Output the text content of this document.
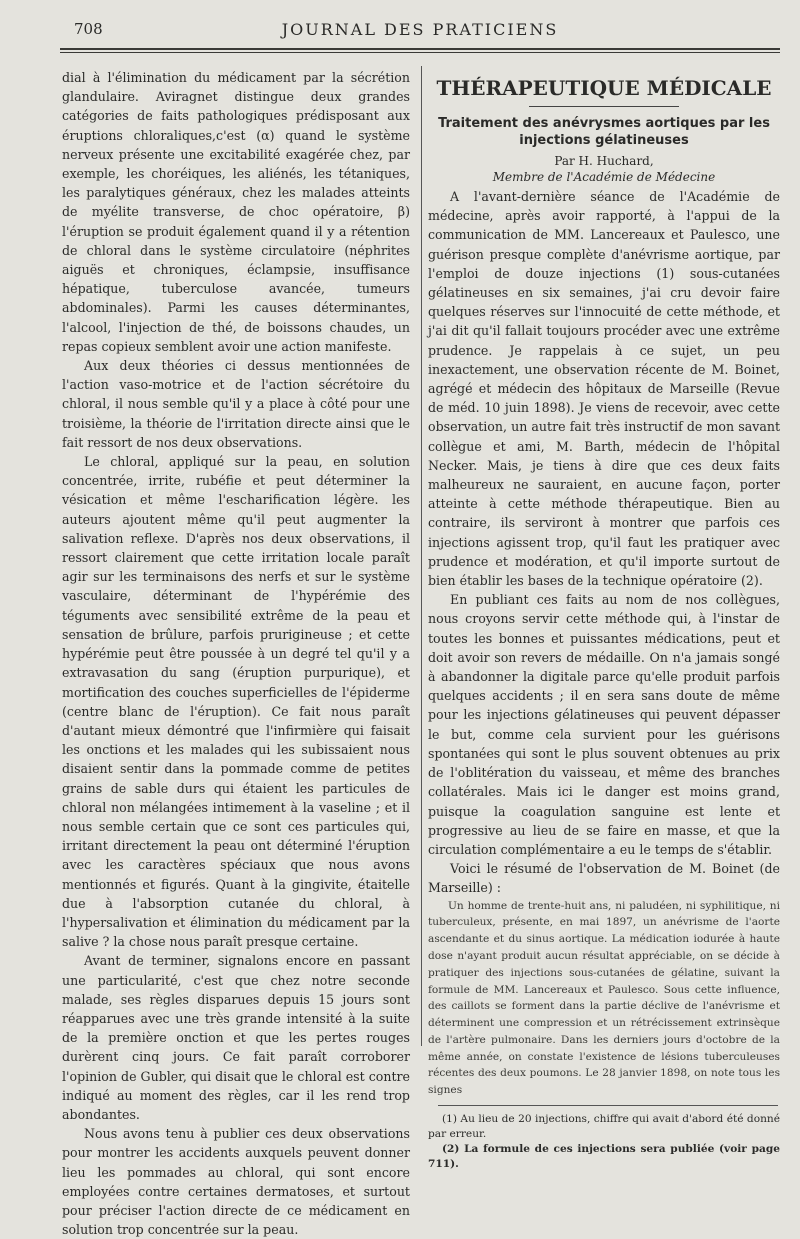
708	JOURNAL DES PRATICIENS

dial à l'élimination du médicament par la sécrétion glandulaire. Aviragnet distingue deux grandes catégories de faits pathologiques prédisposant aux éruptions chloraliques,c'est (α) quand le système nerveux présente une excitabilité exagérée chez, par exemple, les choréiques, les aliénés, les tétaniques, les paralytiques généraux, chez les malades atteints de myélite transverse, de choc opératoire, β) l'éruption se produit également quand il y a rétention de chloral dans le système circulatoire (néphrites aiguës et chroniques, éclampsie, insuffisance hépatique, tuberculose avancée, tumeurs abdominales). Parmi les causes déterminantes, l'alcool, l'injection de thé, de boissons chaudes, un repas copieux semblent avoir une action manifeste.

Aux deux théories ci dessus mentionnées de l'action vaso-motrice et de l'action sécrétoire du chloral, il nous semble qu'il y a place à côté pour une troisième, la théorie de l'irritation directe ainsi que le fait ressort de nos deux observations.

Le chloral, appliqué sur la peau, en solution concentrée, irrite, rubéfie et peut déterminer la vésication et même l'escharification légère. les auteurs ajoutent même qu'il peut augmenter la salivation reflexe. D'après nos deux observations, il ressort clairement que cette irritation locale paraît agir sur les terminaisons des nerfs et sur le système vasculaire, déterminant de l'hypérémie des téguments avec sensibilité extrême de la peau et sensation de brûlure, parfois prurigineuse ; et cette hypérémie peut être poussée à un degré tel qu'il y a extravasation du sang (éruption purpurique), et mortification des couches superficielles de l'épiderme (centre blanc de l'éruption). Ce fait nous paraît d'autant mieux démontré que l'infirmière qui faisait les onctions et les malades qui les subissaient nous disaient sentir dans la pommade comme de petites grains de sable durs qui étaient les particules de chloral non mélangées intimement à la vaseline ; et il nous semble certain que ce sont ces particules qui, irritant directement la peau ont déterminé l'éruption avec les caractères spéciaux que nous avons mentionnés et figurés. Quant à la gingivite, étaitelle due à l'absorption cutanée du chloral, à l'hypersalivation et élimination du médicament par la salive ? la chose nous paraît presque certaine.

Avant de terminer, signalons encore en passant une particularité, c'est que chez notre seconde malade, ses règles disparues depuis 15 jours sont réapparues avec une très grande intensité à la suite de la première onction et que les pertes rouges durèrent cinq jours. Ce fait paraît corroborer l'opinion de Gubler, qui disait que le chloral est contre indiqué au moment des règles, car il les rend trop abondantes.

Nous avons tenu à publier ces deux observations pour montrer les accidents auxquels peuvent donner lieu les pommades au chloral, qui sont encore employées contre certaines dermatoses, et surtout pour préciser l'action directe de ce médicament en solution trop concentrée sur la peau.

THÉRAPEUTIQUE MÉDICALE
Traitement des anévrysmes aortiques par les injections gélatineuses
Par H. Huchard,
Membre de l'Académie de Médecine

A l'avant-dernière séance de l'Académie de médecine, après avoir rapporté, à l'appui de la communication de MM. Lancereaux et Paulesco, une guérison presque complète d'anévrisme aortique, par l'emploi de douze injections (1) sous-cutanées gélatineuses en six semaines, j'ai cru devoir faire quelques réserves sur l'innocuité de cette méthode, et j'ai dit qu'il fallait toujours procéder avec une extrême prudence. Je rappelais à ce sujet, un peu inexactement, une observation récente de M. Boinet, agrégé et médecin des hôpitaux de Marseille (Revue de méd. 10 juin 1898). Je viens de recevoir, avec cette observation, un autre fait très instructif de mon savant collègue et ami, M. Barth, médecin de l'hôpital Necker. Mais, je tiens à dire que ces deux faits malheureux ne sauraient, en aucune façon, porter atteinte à cette méthode thérapeutique. Bien au contraire, ils serviront à montrer que parfois ces injections agissent trop, qu'il faut les pratiquer avec prudence et modération, et qu'il importe surtout de bien établir les bases de la technique opératoire (2).

En publiant ces faits au nom de nos collègues, nous croyons servir cette méthode qui, à l'instar de toutes les bonnes et puissantes médications, peut et doit avoir son revers de médaille. On n'a jamais songé à abandonner la digitale parce qu'elle produit parfois quelques accidents ; il en sera sans doute de même pour les injections gélatineuses qui peuvent dépasser le but, comme cela survient pour les guérisons spontanées qui sont le plus souvent obtenues au prix de l'oblitération du vaisseau, et même des branches collatérales. Mais ici le danger est moins grand, puisque la coagulation sanguine est lente et progressive au lieu de se faire en masse, et que la circulation complémentaire a eu le temps de s'établir.

Voici le résumé de l'observation de M. Boinet (de Marseille) :

Un homme de trente-huit ans, ni paludéen, ni syphilitique, ni tuberculeux, présente, en mai 1897, un anévrisme de l'aorte ascendante et du sinus aortique. La médication iodurée à haute dose n'ayant produit aucun résultat appréciable, on se décide à pratiquer des injections sous-cutanées de gélatine, suivant la formule de MM. Lancereaux et Paulesco. Sous cette influence, des caillots se forment dans la partie déclive de l'anévrisme et déterminent une compression et un rétrécissement extrinsèque de l'artère pulmonaire. Dans les derniers jours d'octobre de la même année, on constate l'existence de lésions tuberculeuses récentes des deux poumons. Le 28 janvier 1898, on note tous les signes

(1) Au lieu de 20 injections, chiffre qui avait d'abord été donné par erreur.

(2) La formule de ces injections sera publiée (voir page 711).
